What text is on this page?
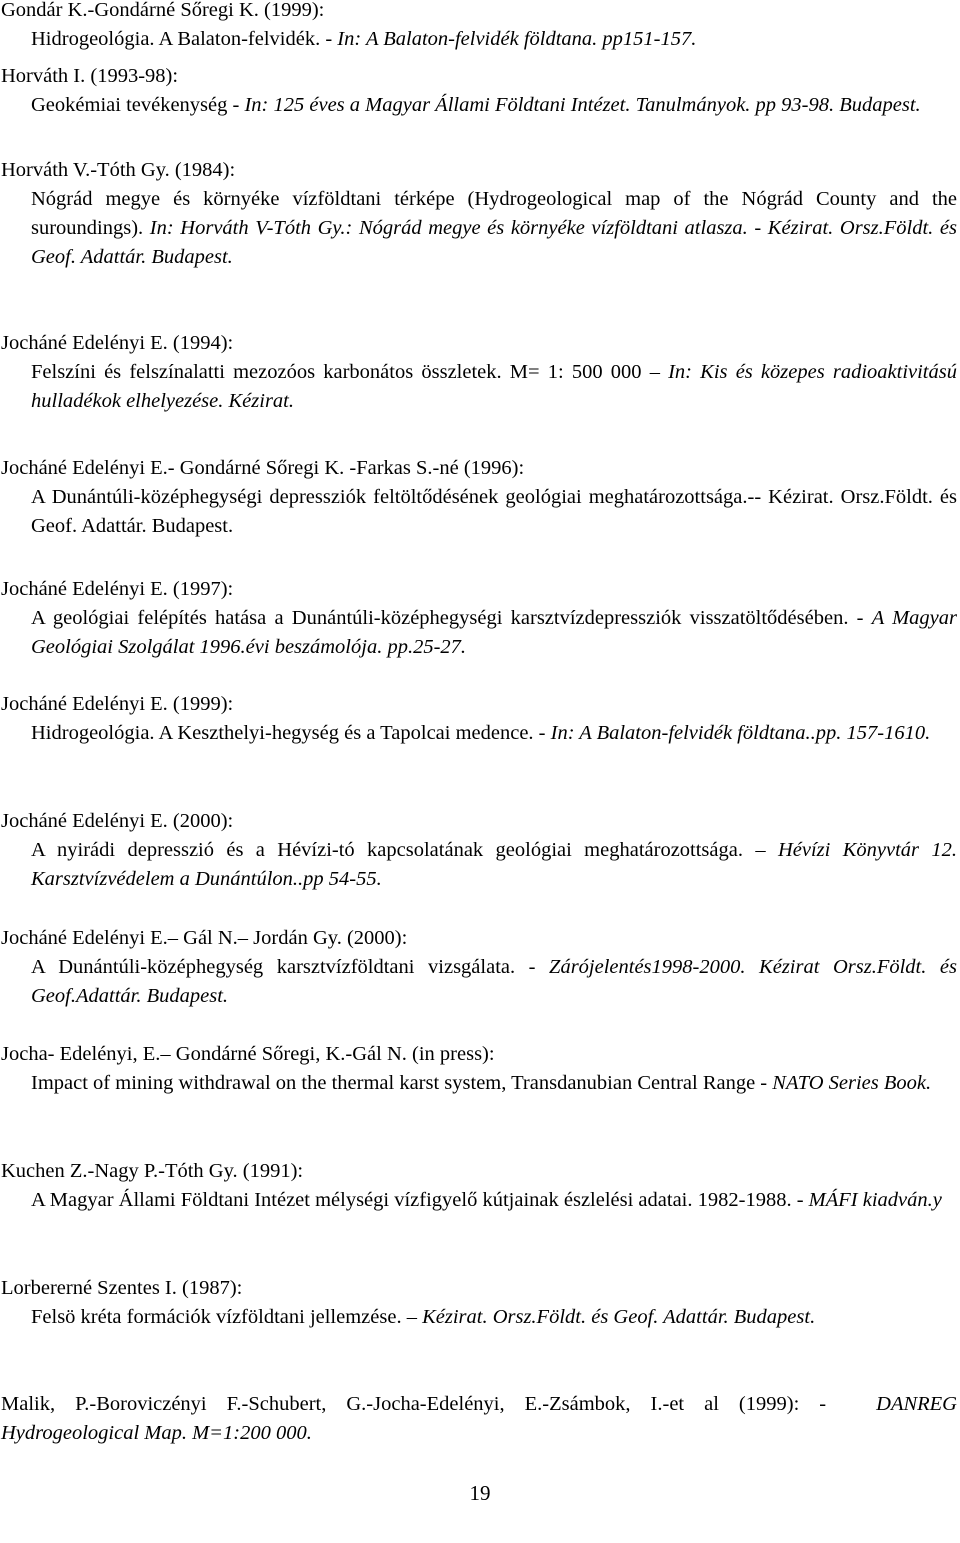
Gondár K.-Gondárné Sőregi K. (1999):
Hidrogeológia. A Balaton-felvidék. - In: A Balaton-felvidék földtana. pp151-157.
Horváth I. (1993-98):
Geokémiai tevékenység - In: 125 éves a Magyar Állami Földtani Intézet. Tanulmányok. pp 93-98. Budapest.
Horváth V.-Tóth Gy. (1984):
Nógrád megye és környéke vízföldtani térképe (Hydrogeological map of the Nógrád County and the suroundings). In: Horváth V-Tóth Gy.: Nógrád megye és környéke vízföldtani atlasza. - Kézirat. Orsz.Földt. és Geof. Adattár. Budapest.
Jocháné Edelényi E. (1994):
Felszíni és felszínalatti mezozóos karbonátos összletek. M= 1: 500 000 – In: Kis és közepes radioaktivitású hulladékok elhelyezése. Kézirat.
Jocháné Edelényi E.- Gondárné Sőregi K. -Farkas S.-né (1996):
A Dunántúli-középhegységi depressziók feltöltődésének geológiai meghatározottsága.-- Kézirat. Orsz.Földt. és Geof. Adattár. Budapest.
Jocháné Edelényi E. (1997):
A geológiai felépítés hatása a Dunántúli-középhegységi karsztvízdepressziók visszatöltődésében. - A Magyar Geológiai Szolgálat 1996.évi beszámolója. pp.25-27.
Jocháné Edelényi E. (1999):
Hidrogeológia. A Keszthelyi-hegység és a Tapolcai medence. - In: A Balaton-felvidék földtana..pp. 157-1610.
Jocháné Edelényi E. (2000):
A nyirádi depresszió és a Hévízi-tó kapcsolatának geológiai meghatározottsága. – Hévízi Könyvtár 12. Karsztvízvédelem a Dunántúlon..pp 54-55.
Jocháné Edelényi E.– Gál N.– Jordán Gy. (2000):
A Dunántúli-középhegység karsztvízföldtani vizsgálata. - Zárójelentés1998-2000. Kézirat Orsz.Földt. és Geof.Adattár. Budapest.
Jocha- Edelényi, E.– Gondárné Sőregi, K.-Gál N. (in press):
Impact of mining withdrawal on the thermal karst system, Transdanubian Central Range - NATO Series Book.
Kuchen Z.-Nagy P.-Tóth Gy. (1991):
A Magyar Állami Földtani Intézet mélységi vízfigyelő kútjainak észlelési adatai. 1982-1988. - MÁFI kiadván.y
Lorbererné Szentes I. (1987):
Felsö kréta formációk vízföldtani jellemzése. – Kézirat. Orsz.Földt. és Geof. Adattár. Budapest.
Malik, P.-Boroviczényi F.-Schubert, G.-Jocha-Edelényi, E.-Zsámbok, I.-et al (1999): - DANREG Hydrogeological Map. M=1:200 000.
19
